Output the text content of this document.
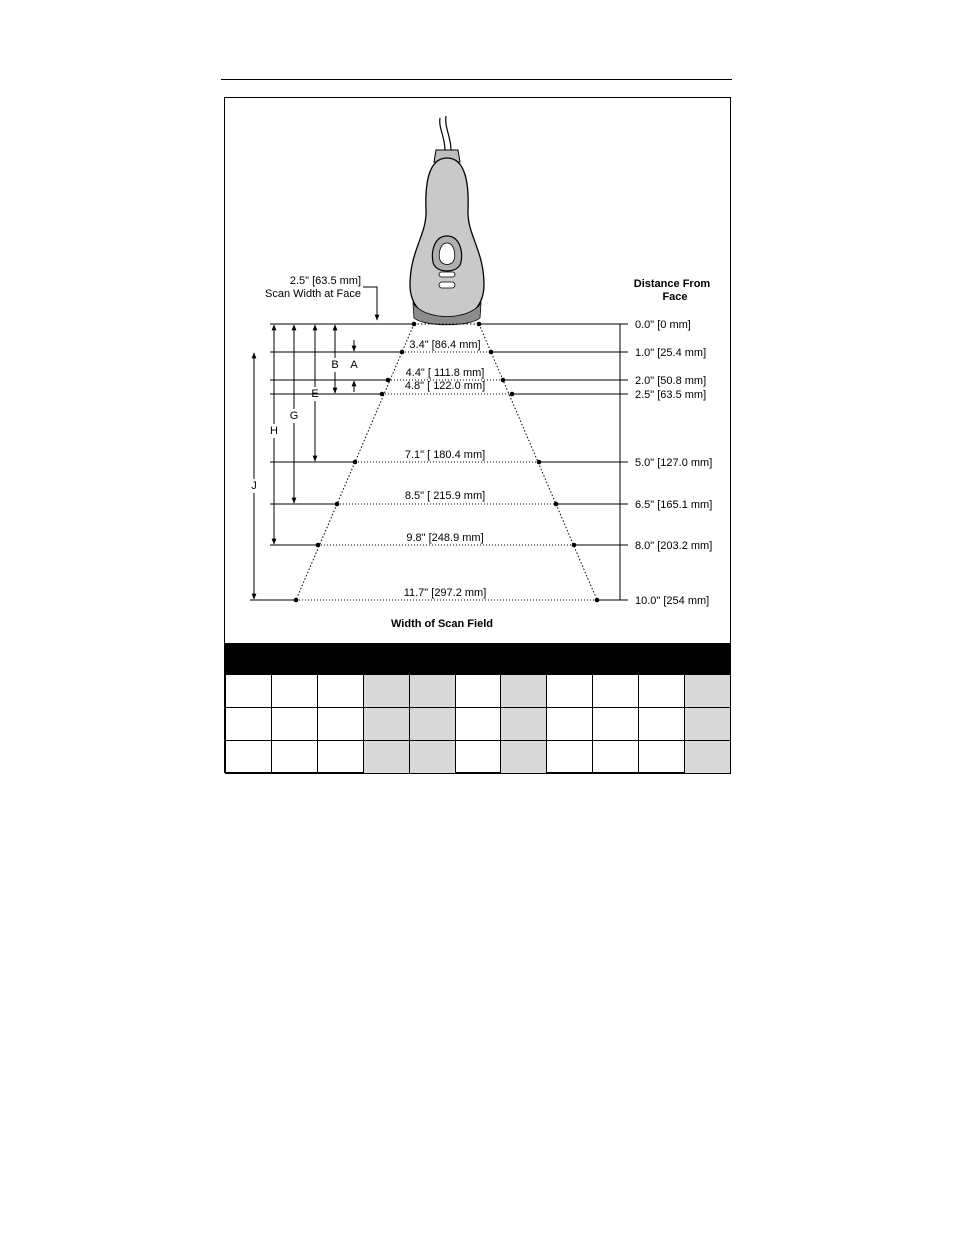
0.0" [0 mm]
1.0" [25.4 mm]
2.0" [50.8 mm]
2.5" [63.5 mm]
5.0" [127.0 mm]
6.5" [165.1 mm]
8.0" [203.2 mm]
10.0" [254 mm]
3.4" [86.4 mm]
4.4" [ 111.8 mm]
4.8" [ 122.0 mm]
7.1" [ 180.4 mm]
8.5" [ 215.9 mm]
9.8" [248.9 mm]
11.7" [297.2 mm]
B
E
G
H
J
A
2.5" [63.5 mm]
Scan Width at Face
Distance From
Face
Width of Scan Field
